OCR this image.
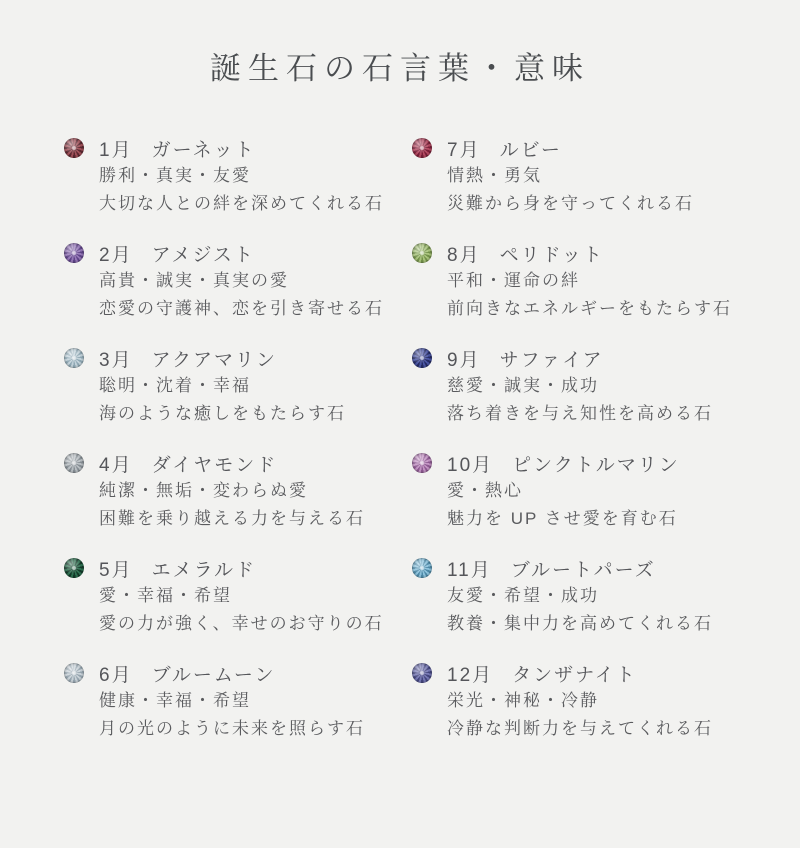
誕生石の石言葉・意味
1月 ガーネット

勝利・真実・友愛

大切な人との絆を深めてくれる石

2月 アメジスト

高貴・誠実・真実の愛

恋愛の守護神、恋を引き寄せる石

3月 アクアマリン

聡明・沈着・幸福

海のような癒しをもたらす石

4月 ダイヤモンド

純潔・無垢・変わらぬ愛

困難を乗り越える力を与える石

5月 エメラルド

愛・幸福・希望

愛の力が強く、幸せのお守りの石

6月 ブルームーン

健康・幸福・希望

月の光のように未来を照らす石

7月 ルビー

情熱・勇気

災難から身を守ってくれる石

8月 ペリドット

平和・運命の絆

前向きなエネルギーをもたらす石

9月 サファイア

慈愛・誠実・成功

落ち着きを与え知性を高める石

10月 ピンクトルマリン

愛・熱心

魅力を UP させ愛を育む石

11月 ブルートパーズ

友愛・希望・成功

教養・集中力を高めてくれる石

12月 タンザナイト

栄光・神秘・冷静

冷静な判断力を与えてくれる石
